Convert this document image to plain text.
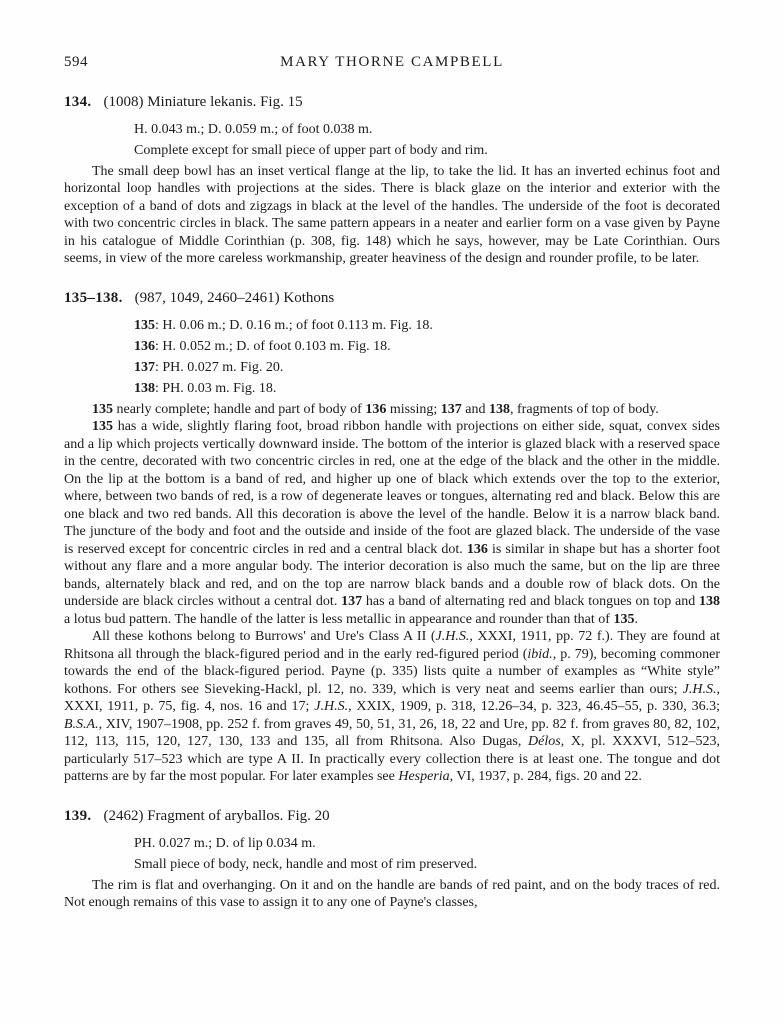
594	MARY THORNE CAMPBELL
134. (1008) Miniature lekanis. Fig. 15

H. 0.043 m.; D. 0.059 m.; of foot 0.038 m.

Complete except for small piece of upper part of body and rim.

The small deep bowl has an inset vertical flange at the lip, to take the lid. It has an inverted echinus foot and horizontal loop handles with projections at the sides. There is black glaze on the interior and exterior with the exception of a band of dots and zigzags in black at the level of the handles. The underside of the foot is decorated with two concentric circles in black. The same pattern appears in a neater and earlier form on a vase given by Payne in his catalogue of Middle Corinthian (p. 308, fig. 148) which he says, however, may be Late Corinthian. Ours seems, in view of the more careless workmanship, greater heaviness of the design and rounder profile, to be later.

135–138. (987, 1049, 2460–2461) Kothons

135: H. 0.06 m.; D. 0.16 m.; of foot 0.113 m. Fig. 18.

136: H. 0.052 m.; D. of foot 0.103 m. Fig. 18.

137: PH. 0.027 m. Fig. 20.

138: PH. 0.03 m. Fig. 18.

135 nearly complete; handle and part of body of 136 missing; 137 and 138, fragments of top of body.

135 has a wide, slightly flaring foot, broad ribbon handle with projections on either side, squat, convex sides and a lip which projects vertically downward inside. The bottom of the interior is glazed black with a reserved space in the centre, decorated with two concentric circles in red, one at the edge of the black and the other in the middle. On the lip at the bottom is a band of red, and higher up one of black which extends over the top to the exterior, where, between two bands of red, is a row of degenerate leaves or tongues, alternating red and black. Below this are one black and two red bands. All this decoration is above the level of the handle. Below it is a narrow black band. The juncture of the body and foot and the outside and inside of the foot are glazed black. The underside of the vase is reserved except for concentric circles in red and a central black dot. 136 is similar in shape but has a shorter foot without any flare and a more angular body. The interior decoration is also much the same, but on the lip are three bands, alternately black and red, and on the top are narrow black bands and a double row of black dots. On the underside are black circles without a central dot. 137 has a band of alternating red and black tongues on top and 138 a lotus bud pattern. The handle of the latter is less metallic in appearance and rounder than that of 135.

All these kothons belong to Burrows' and Ure's Class A II (J.H.S., XXXI, 1911, pp. 72 f.). They are found at Rhitsona all through the black-figured period and in the early red-figured period (ibid., p. 79), becoming commoner towards the end of the black-figured period. Payne (p. 335) lists quite a number of examples as “White style” kothons. For others see Sieveking-Hackl, pl. 12, no. 339, which is very neat and seems earlier than ours; J.H.S., XXXI, 1911, p. 75, fig. 4, nos. 16 and 17; J.H.S., XXIX, 1909, p. 318, 12.26–34, p. 323, 46.45–55, p. 330, 36.3; B.S.A., XIV, 1907–1908, pp. 252 f. from graves 49, 50, 51, 31, 26, 18, 22 and Ure, pp. 82 f. from graves 80, 82, 102, 112, 113, 115, 120, 127, 130, 133 and 135, all from Rhitsona. Also Dugas, Délos, X, pl. XXXVI, 512–523, particularly 517–523 which are type A II. In practically every collection there is at least one. The tongue and dot patterns are by far the most popular. For later examples see Hesperia, VI, 1937, p. 284, figs. 20 and 22.

139. (2462) Fragment of aryballos. Fig. 20

PH. 0.027 m.; D. of lip 0.034 m.

Small piece of body, neck, handle and most of rim preserved.

The rim is flat and overhanging. On it and on the handle are bands of red paint, and on the body traces of red. Not enough remains of this vase to assign it to any one of Payne's classes,
